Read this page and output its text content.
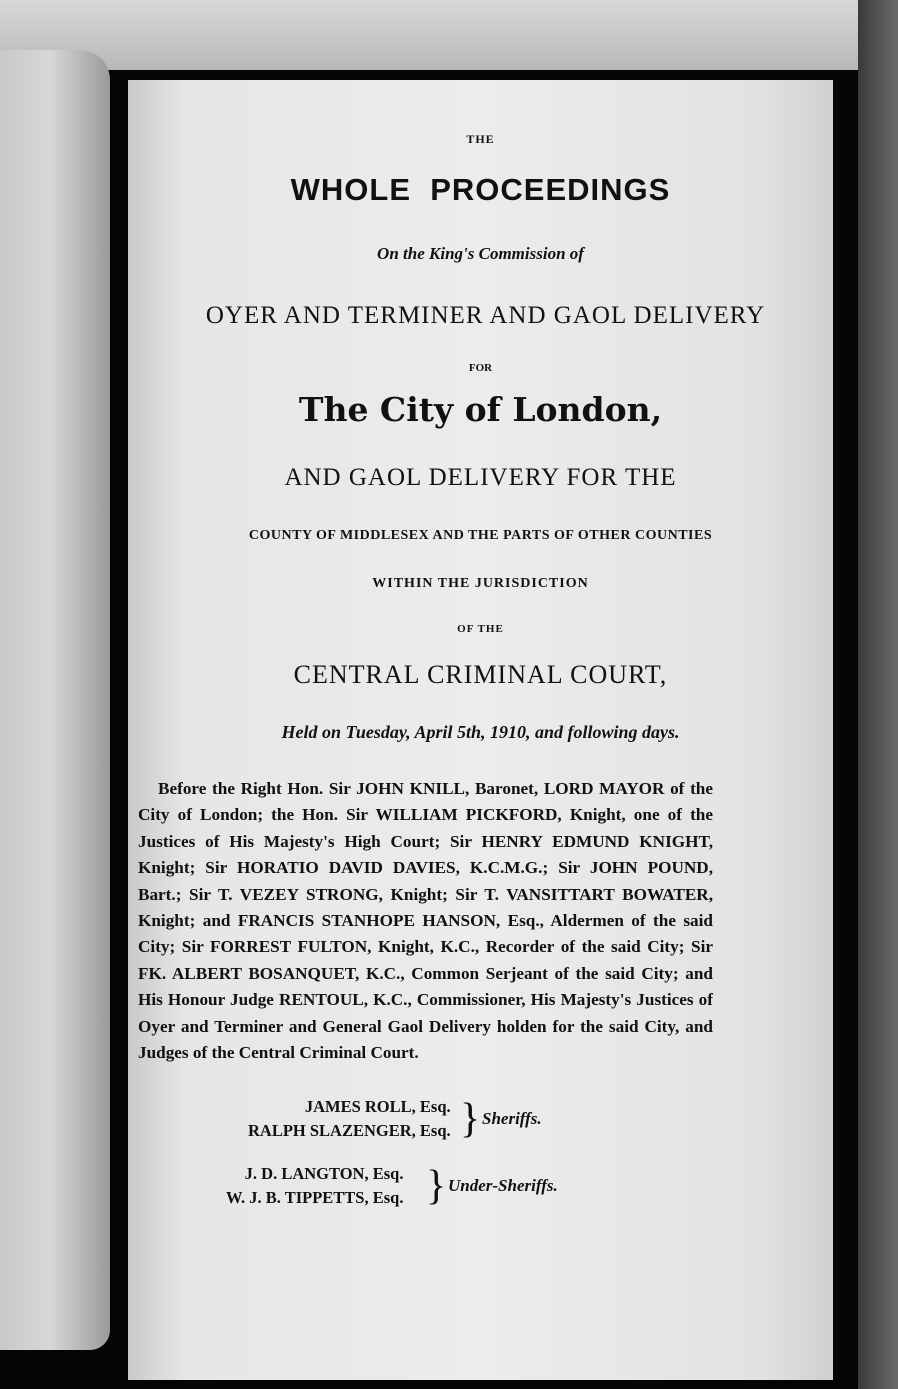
THE
WHOLE  PROCEEDINGS
On the King's Commission of
OYER AND TERMINER AND GAOL DELIVERY
FOR
The City of London,
AND GAOL DELIVERY FOR THE
COUNTY OF MIDDLESEX AND THE PARTS OF OTHER COUNTIES
WITHIN THE JURISDICTION
OF THE
CENTRAL CRIMINAL COURT,
Held on Tuesday, April 5th, 1910, and following days.
Before the Right Hon. Sir JOHN KNILL, Baronet, LORD MAYOR of the City of London; the Hon. Sir WILLIAM PICKFORD, Knight, one of the Justices of His Majesty's High Court; Sir HENRY EDMUND KNIGHT, Knight; Sir HORATIO DAVID DAVIES, K.C.M.G.; Sir JOHN POUND, Bart.; Sir T. VEZEY STRONG, Knight; Sir T. VANSITTART BOWATER, Knight; and FRANCIS STANHOPE HANSON, Esq., Aldermen of the said City; Sir FORREST FULTON, Knight, K.C., Recorder of the said City; Sir FK. ALBERT BOSANQUET, K.C., Common Serjeant of the said City; and His Honour Judge RENTOUL, K.C., Commissioner, His Majesty's Justices of Oyer and Terminer and General Gaol Delivery holden for the said City, and Judges of the Central Criminal Court.
JAMES ROLL, Esq.
RALPH SLAZENGER, Esq. } Sheriffs.
J. D. LANGTON, Esq.
W. J. B. TIPPETTS, Esq. } Under-Sheriffs.
